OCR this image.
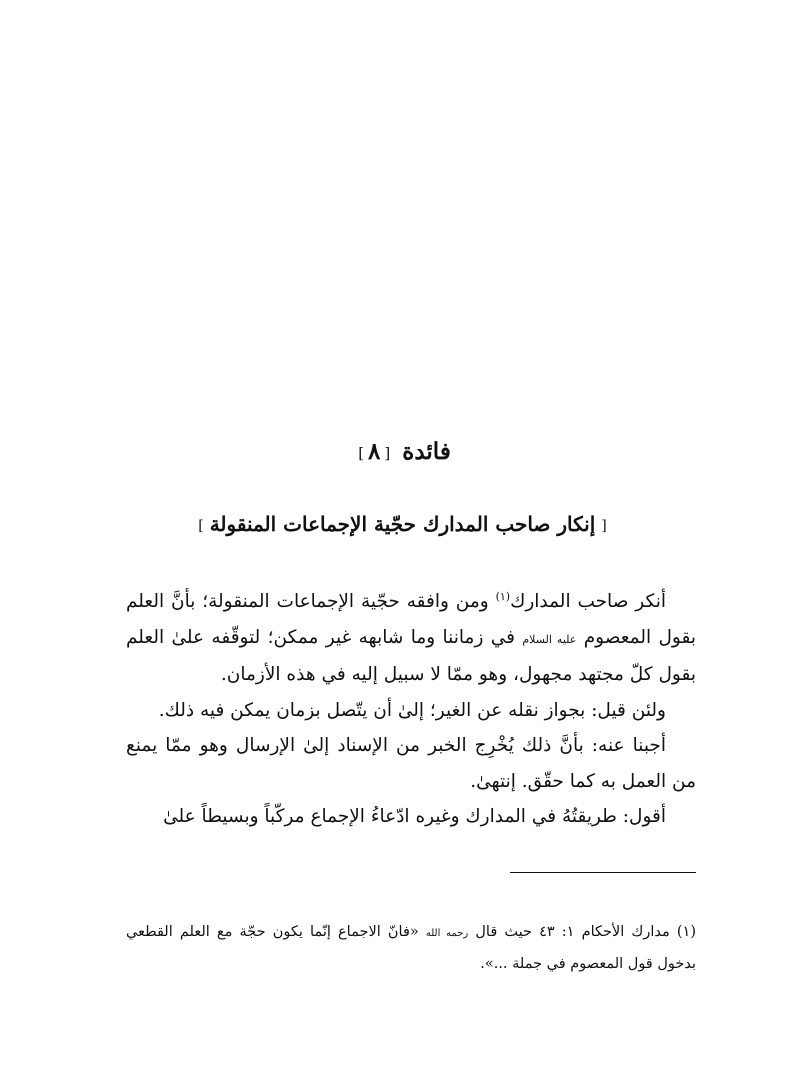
فائدة [٨]
[إنكار صاحب المدارك حجّية الإجماعات المنقولة]

أنكر صاحب المدارك$^{(١)}$ ومن وافقه حجّية الإجماعات المنقولة؛ بأنَّ العلم بقول المعصوم عليه السلام في زماننا وما شابهه غير ممكن؛ لتوقّفه علىٰ العلم بقول كلّ مجتهد مجهول، وهو ممّا لا سبيل إليه في هذه الأزمان.

ولئن قيل: بجواز نقله عن الغير؛ إلىٰ أن يتّصل بزمان يمكن فيه ذلك.

أجبنا عنه: بأنَّ ذلك يُخْرِج الخبر من الإسناد إلىٰ الإرسال وهو ممّا يمنع من العمل به كما حقّق. إنتهىٰ.

أقول: طريقتُهُ في المدارك وغيره ادّعاءُ الإجماع مركّباً وبسيطاً علىٰ

(١) مدارك الأحكام ١: ٤٣ حيث قال رحمه الله «فانّ الاجماع إنّما يكون حجّة مع العلم القطعي بدخول قول المعصوم في جملة ...».
